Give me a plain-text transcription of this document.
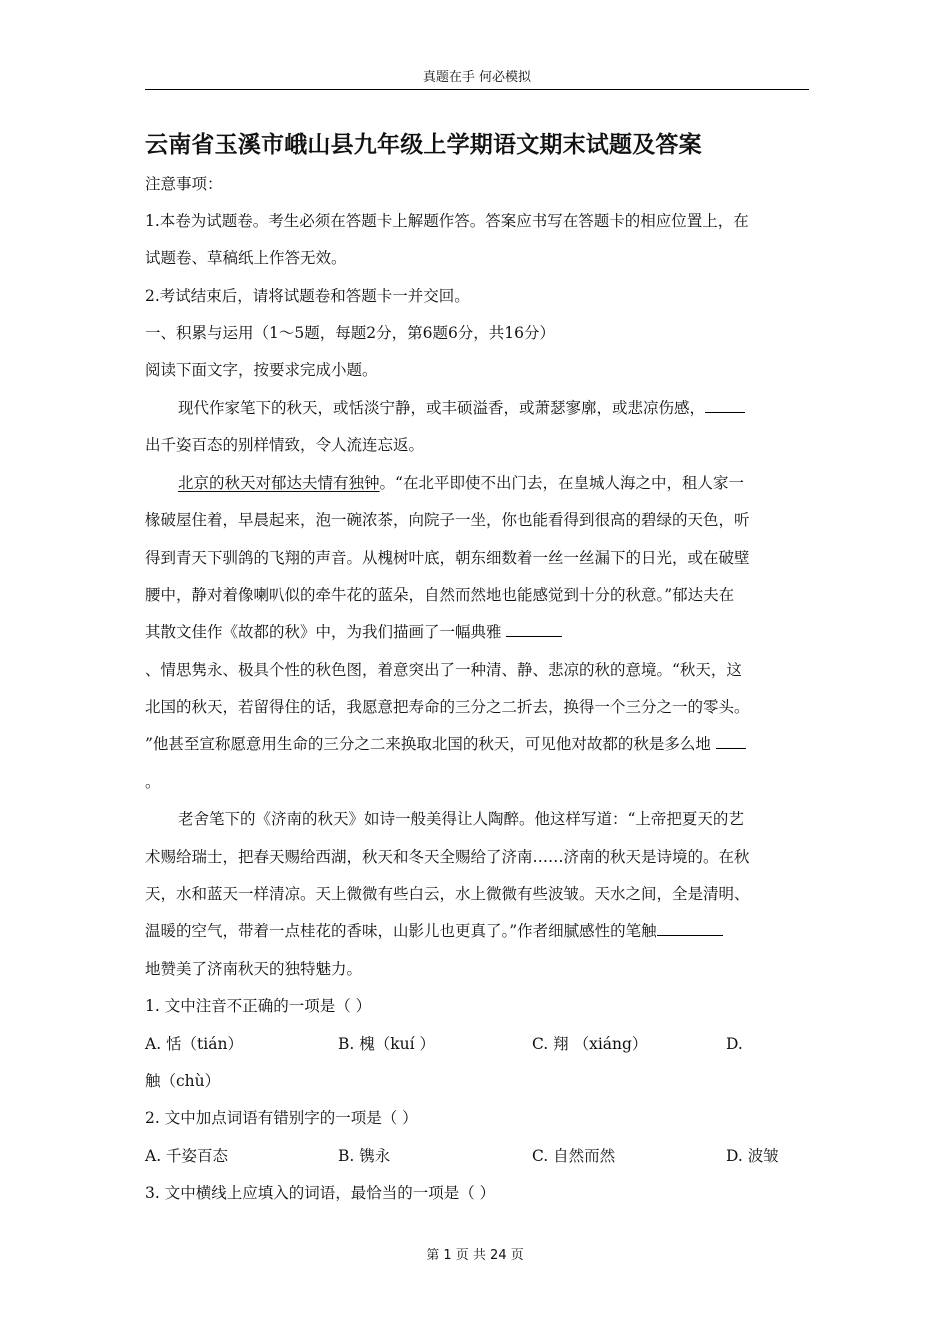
真题在手 何必模拟
云南省玉溪市峨山县九年级上学期语文期末试题及答案
注意事项：
1.本卷为试题卷。考生必须在答题卡上解题作答。答案应书写在答题卡的相应位置上，在
试题卷、草稿纸上作答无效。
2.考试结束后，请将试题卷和答题卡一并交回。
一、积累与运用（1～5题，每题2分，第6题6分，共16分）
阅读下面文字，按要求完成小题。
现代作家笔下的秋天，或恬淡宁静，或丰硕溢香，或萧瑟寥廓，或悲凉伤感，
出千姿百态的别样情致，令人流连忘返。
北京的秋天对郁达夫情有独钟。“在北平即使不出门去，在皇城人海之中，租人家一
椽破屋住着，早晨起来，泡一碗浓茶，向院子一坐，你也能看得到很高的碧绿的天色，听
得到青天下驯鸽的飞翔的声音。从槐树叶底，朝东细数着一丝一丝漏下的日光，或在破壁
腰中，静对着像喇叭似的牵牛花的蓝朵，自然而然地也能感觉到十分的秋意。”郁达夫在
其散文佳作《故都的秋》中，为我们描画了一幅典雅
、情思隽永、极具个性的秋色图，着意突出了一种清、静、悲凉的秋的意境。“秋天，这
北国的秋天，若留得住的话，我愿意把寿命的三分之二折去，换得一个三分之一的零头。
”他甚至宣称愿意用生命的三分之二来换取北国的秋天，可见他对故都的秋是多么地
。
老舍笔下的《济南的秋天》如诗一般美得让人陶醉。他这样写道：“上帝把夏天的艺
术赐给瑞士，把春天赐给西湖，秋天和冬天全赐给了济南……济南的秋天是诗境的。在秋
天，水和蓝天一样清凉。天上微微有些白云，水上微微有些波皱。天水之间，全是清明、
温暖的空气，带着一点桂花的香味，山影儿也更真了。”作者细腻感性的笔触
地赞美了济南秋天的独特魅力。
1. 文中注音不正确的一项是（ ）
A. 恬（tián）	B. 槐（kuí ）	C. 翔 （xiáng）	D.
触（chù）
2. 文中加点词语有错别字的一项是（ ）
A. 千姿百态	B. 镌永	C. 自然而然	D. 波皱
3. 文中横线上应填入的词语，最恰当的一项是（ ）
第 1 页 共 24 页
